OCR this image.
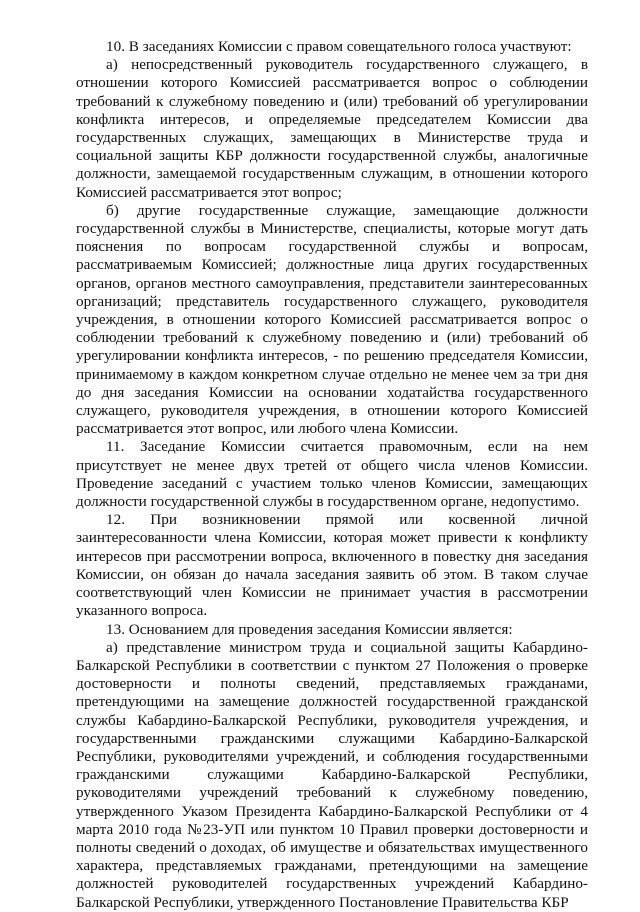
10. В заседаниях Комиссии с правом совещательного голоса участвуют:

а) непосредственный руководитель государственного служащего, в отношении которого Комиссией рассматривается вопрос о соблюдении требований к служебному поведению и (или) требований об урегулировании конфликта интересов, и определяемые председателем Комиссии два государственных служащих, замещающих в Министерстве труда и социальной защиты КБР должности государственной службы, аналогичные должности, замещаемой государственным служащим, в отношении которого Комиссией рассматривается этот вопрос;

б) другие государственные служащие, замещающие должности государственной службы в Министерстве, специалисты, которые могут дать пояснения по вопросам государственной службы и вопросам, рассматриваемым Комиссией; должностные лица других государственных органов, органов местного самоуправления, представители заинтересованных организаций; представитель государственного служащего, руководителя учреждения, в отношении которого Комиссией рассматривается вопрос о соблюдении требований к служебному поведению и (или) требований об урегулировании конфликта интересов, - по решению председателя Комиссии, принимаемому в каждом конкретном случае отдельно не менее чем за три дня до дня заседания Комиссии на основании ходатайства государственного служащего, руководителя учреждения, в отношении которого Комиссией рассматривается этот вопрос, или любого члена Комиссии.

11. Заседание Комиссии считается правомочным, если на нем присутствует не менее двух третей от общего числа членов Комиссии. Проведение заседаний с участием только членов Комиссии, замещающих должности государственной службы в государственном органе, недопустимо.

12. При возникновении прямой или косвенной личной заинтересованности члена Комиссии, которая может привести к конфликту интересов при рассмотрении вопроса, включенного в повестку дня заседания Комиссии, он обязан до начала заседания заявить об этом. В таком случае соответствующий член Комиссии не принимает участия в рассмотрении указанного вопроса.

13. Основанием для проведения заседания Комиссии является:

а) представление министром труда и социальной защиты Кабардино-Балкарской Республики в соответствии с пунктом 27 Положения о проверке достоверности и полноты сведений, представляемых гражданами, претендующими на замещение должностей государственной гражданской службы Кабардино-Балкарской Республики, руководителя учреждения, и государственными гражданскими служащими Кабардино-Балкарской Республики, руководителями учреждений, и соблюдения государственными гражданскими служащими Кабардино-Балкарской Республики, руководителями учреждений требований к служебному поведению, утвержденного Указом Президента Кабардино-Балкарской Республики от 4 марта 2010 года №23-УП или пунктом 10 Правил проверки достоверности и полноты сведений о доходах, об имуществе и обязательствах имущественного характера, представляемых гражданами, претендующими на замещение должностей руководителей государственных учреждений Кабардино-Балкарской Республики, утвержденного Постановление Правительства КБР
